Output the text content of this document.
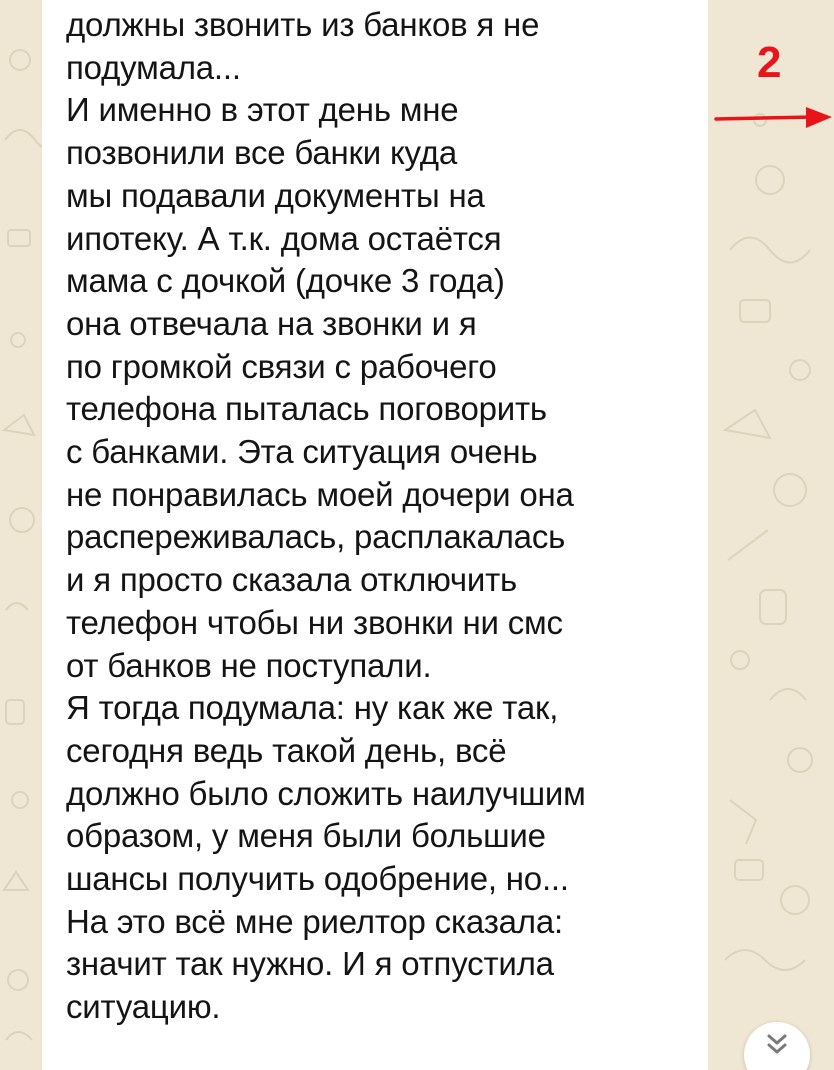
должны звонить из банков я не
подумала...
И именно в этот день мне
позвонили все банки куда
мы подавали документы на
ипотеку. А т.к. дома остаётся
мама с дочкой (дочке 3 года)
она отвечала на звонки и я
по громкой связи с рабочего
телефона пыталась поговорить
с банками. Эта ситуация очень
не понравилась моей дочери она
распереживалась, расплакалась
и я просто сказала отключить
телефон чтобы ни звонки ни смс
от банков не поступали.
Я тогда подумала: ну как же так,
сегодня ведь такой день, всё
должно было сложить наилучшим
образом, у меня были большие
шансы получить одобрение, но...
На это всё мне риелтор сказала:
значит так нужно. И я отпустила
ситуацию.
2
